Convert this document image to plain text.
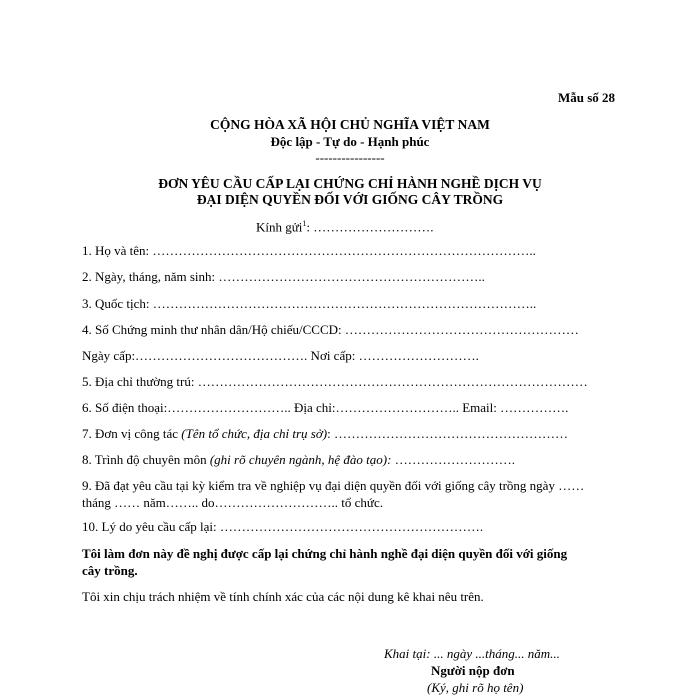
Mẫu số 28
CỘNG HÒA XÃ HỘI CHỦ NGHĨA VIỆT NAM
Độc lập - Tự do - Hạnh phúc
----------------
ĐƠN YÊU CẦU CẤP LẠI CHỨNG CHỈ HÀNH NGHỀ DỊCH VỤ
ĐẠI DIỆN QUYỀN ĐỐI VỚI GIỐNG CÂY TRỒNG
Kính gửi$^1$: ……………………….
1. Họ và tên: ……………………………………………………………………………..
2. Ngày, tháng, năm sinh: ……………………………………………………..
3. Quốc tịch: ……………………………………………………………………………..
4. Số Chứng minh thư nhân dân/Hộ chiếu/CCCD: ………………………………………………
Ngày cấp:…………………………………. Nơi cấp: ……………………….
5. Địa chỉ thường trú: ………………………………………………………………………………
6. Số điện thoại:……………………….. Địa chỉ:……………………….. Email: …………….
7. Đơn vị công tác (Tên tổ chức, địa chỉ trụ sở): ………………………………………………
8. Trình độ chuyên môn (ghi rõ chuyên ngành, hệ đào tạo): ……………………….
9. Đã đạt yêu cầu tại kỳ kiểm tra về nghiệp vụ đại diện quyền đối với giống cây trồng ngày ……
tháng …… năm…….. do……………………….. tổ chức.
10. Lý do yêu cầu cấp lại: …………………………………………………….
Tôi làm đơn này đề nghị được cấp lại chứng chỉ hành nghề đại diện quyền đối với giống
cây trồng.
Tôi xin chịu trách nhiệm về tính chính xác của các nội dung kê khai nêu trên.
Khai tại: ... ngày ...tháng... năm...
Người nộp đơn
(Ký, ghi rõ họ tên)
